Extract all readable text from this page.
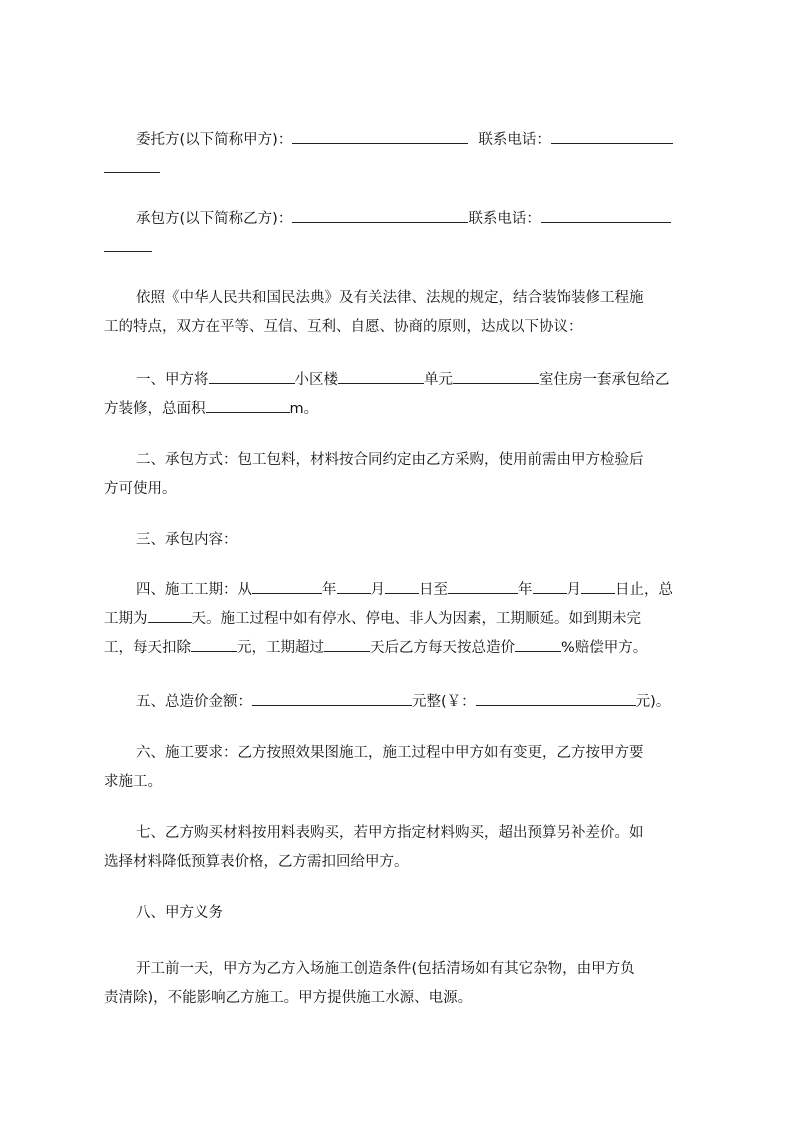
委托方(以下简称甲方)：	联系电话：
承包方(以下简称乙方)：	联系电话：
依照《中华人民共和国民法典》及有关法律、法规的规定，结合装饰装修工程施
工的特点，双方在平等、互信、互利、自愿、协商的原则，达成以下协议：
一、甲方将	小区楼	单元	室住房一套承包给乙
方装修，总面积	m。
二、承包方式：包工包料，材料按合同约定由乙方采购，使用前需由甲方检验后
方可使用。
三、承包内容：
四、施工工期：从	年 月 日至	年 月 日止，总
工期为	天。施工过程中如有停水、停电、非人为因素，工期顺延。如到期未完
工，每天扣除	元，工期超过	天后乙方每天按总造价	%赔偿甲方。
五、总造价金额：	元整(￥：	元)。
六、施工要求：乙方按照效果图施工，施工过程中甲方如有变更，乙方按甲方要
求施工。
七、乙方购买材料按用料表购买，若甲方指定材料购买，超出预算另补差价。如
选择材料降低预算表价格，乙方需扣回给甲方。
八、甲方义务
开工前一天，甲方为乙方入场施工创造条件(包括清场如有其它杂物，由甲方负
责清除)，不能影响乙方施工。甲方提供施工水源、电源。
